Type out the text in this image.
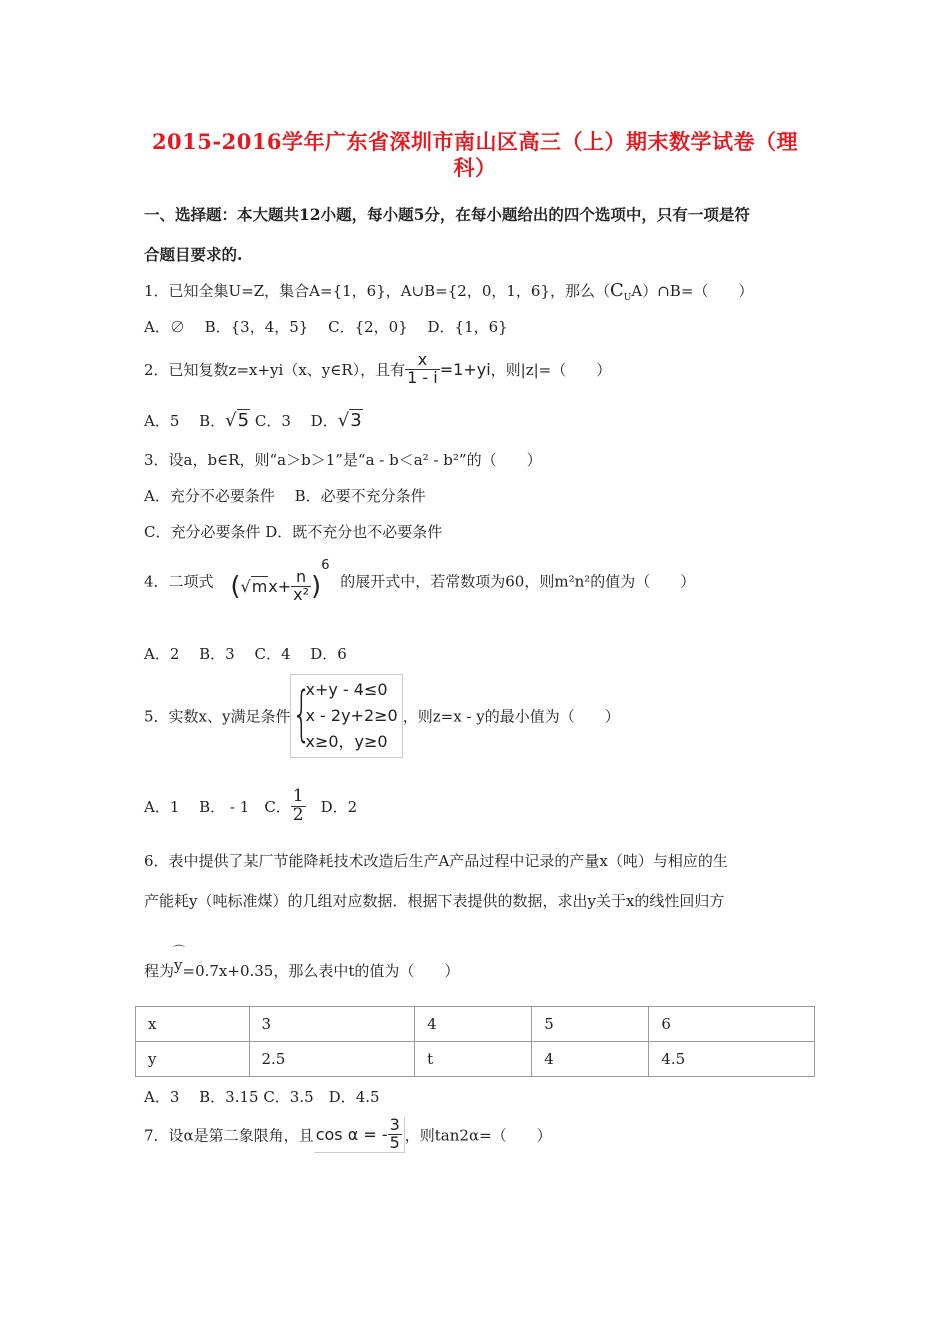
2015-2016学年广东省深圳市南山区高三（上）期末数学试卷（理
科）
一、选择题：本大题共12小题，每小题5分，在每小题给出的四个选项中，只有一项是符
合题目要求的.
1．已知全集U=Z，集合A={1，6}，A∪B={2，0，1，6}，那么$(C_UA)\cap B=$（　　）
A．∅　 B．{3，4，5}　 C．{2，0}　 D．{1，6}
2．已知复数z=x+yi（x、y∈R），且有 $\frac{x}{1 - i} =1+yi$，则|z|=（　　）
A．5　 B．√5 C．3　 D．√3
3．设a，b∈R，则“a＞b＞1”是“a - b＜a² - b²”的（　　）
A．充分不必要条件　 B．必要不充分条件
C．充分必要条件 D．既不充分也不必要条件
4．二项式 $(√mx+ \frac{n}{\text{x²}} )^6$ 的展开式中，若常数项为60，则m²n²的值为（　　）
A．2　 B．3　 C．4　 D．6
5．实数x、y满足条件 {
x+y - 4≤0
x - 2y+2≥0
x≥0，y≥0
，则z=x - y的最小值为（　　）
A．1　 B． - 1　C． $\frac{1}{2}$ 　D．2
6．表中提供了某厂节能降耗技术改造后生产A产品过程中记录的产量x（吨）与相应的生
产能耗y（吨标准煤）的几组对应数据．根据下表提供的数据，求出y关于x的线性回归方
程为⌒ y=0.7x+0.35，那么表中t的值为（　　）
x	3	4	5	6
y	2.5	t	4	4.5
A．3　 B．3.15 C．3.5　D．4.5
7．设α是第二象限角，且 cos α = - $\frac{3}{5}$ ，则tan2α=（　　）
